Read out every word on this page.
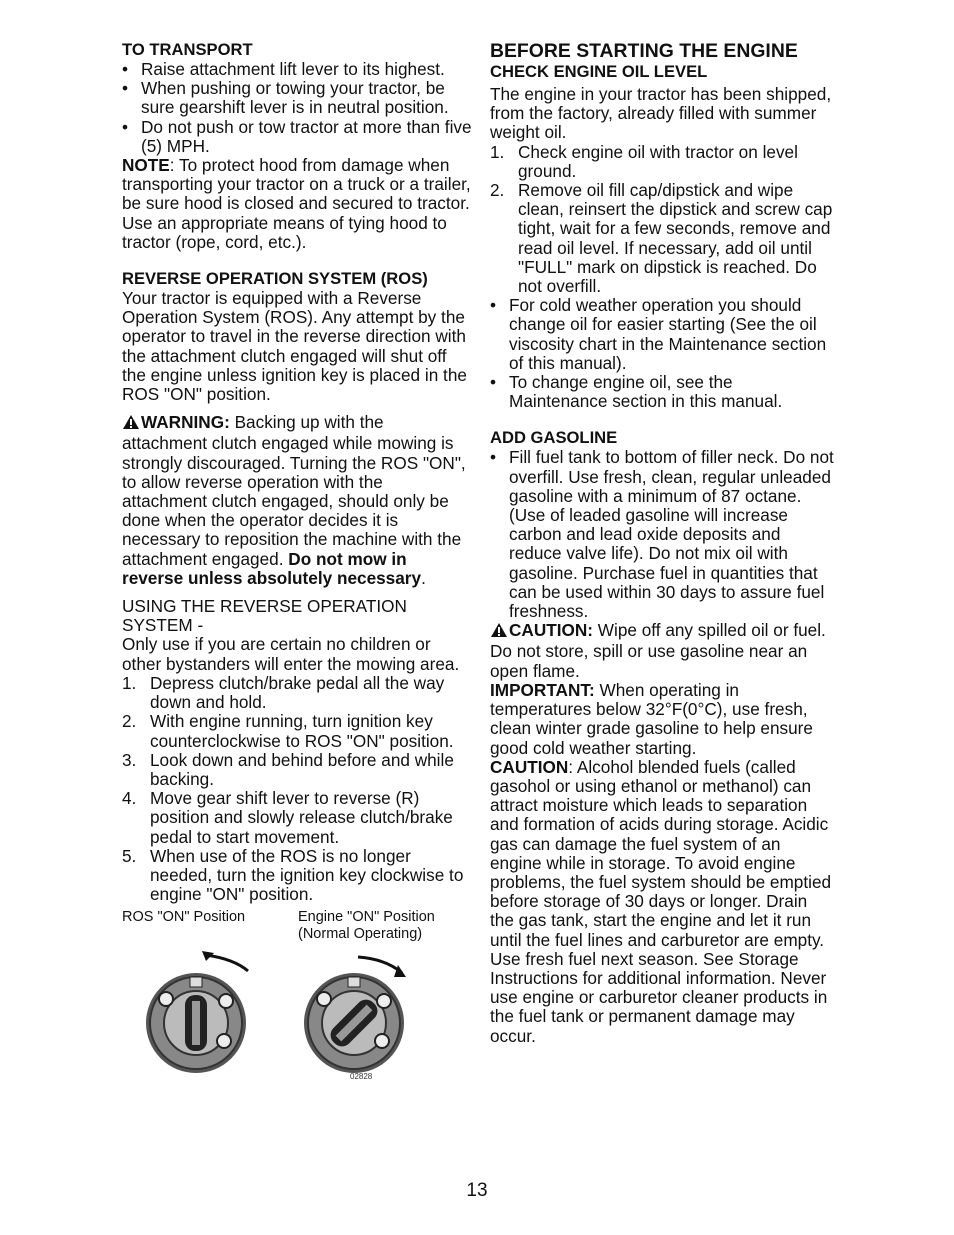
TO TRANSPORT
• Raise attachment lift lever to its highest.
• When pushing or towing your tractor, be sure gearshift lever is in neutral position.
• Do not push or tow tractor at more than five (5) MPH.

NOTE: To protect hood from damage when transporting your tractor on a truck or a trailer, be sure hood is closed and secured to tractor. Use an appropriate means of tying hood to tractor (rope, cord, etc.).

REVERSE OPERATION SYSTEM (ROS)

Your tractor is equipped with a Reverse Operation System (ROS). Any attempt by the operator to travel in the reverse direction with the attachment clutch engaged will shut off the engine unless ignition key is placed in the ROS "ON" position.

WARNING: Backing up with the attachment clutch engaged while mowing is strongly discouraged. Turning the ROS "ON", to allow reverse operation with the attachment clutch engaged, should only be done when the operator decides it is necessary to reposition the machine with the attachment engaged. Do not mow in reverse unless absolutely necessary.

USING THE REVERSE OPERATION SYSTEM -

Only use if you are certain no children or other bystanders will enter the mowing area.

1. Depress clutch/brake pedal all the way down and hold.
2. With engine running, turn ignition key counterclockwise to ROS "ON" position.
3. Look down and behind before and while backing.
4. Move gear shift lever to reverse (R) position and slowly release clutch/brake pedal to start movement.
5. When use of the ROS is no longer needed, turn the ignition key clockwise to engine "ON" position.
ROS "ON" Position	Engine "ON" Position
(Normal Operating)
02828
BEFORE STARTING THE ENGINE
CHECK ENGINE OIL LEVEL

The engine in your tractor has been shipped, from the factory, already filled with summer weight oil.

1. Check engine oil with tractor on level ground.
2. Remove oil fill cap/dipstick and wipe clean, reinsert the dipstick and screw cap tight, wait for a few seconds, remove and read oil level. If necessary, add oil until "FULL" mark on dipstick is reached. Do not overfill.
• For cold weather operation you should change oil for easier starting (See the oil viscosity chart in the Maintenance section of this manual).
• To change engine oil, see the Maintenance section in this manual.
ADD GASOLINE
• Fill fuel tank to bottom of filler neck. Do not overfill. Use fresh, clean, regular unleaded gasoline with a minimum of 87 octane. (Use of leaded gasoline will increase carbon and lead oxide deposits and reduce valve life). Do not mix oil with gasoline. Purchase fuel in quantities that can be used within 30 days to assure fuel freshness.

CAUTION: Wipe off any spilled oil or fuel. Do not store, spill or use gasoline near an open flame.

IMPORTANT: When operating in temperatures below 32°F(0°C), use fresh, clean winter grade gasoline to help ensure good cold weather starting.

CAUTION: Alcohol blended fuels (called gasohol or using ethanol or methanol) can attract moisture which leads to separation and formation of acids during storage. Acidic gas can damage the fuel system of an engine while in storage. To avoid engine problems, the fuel system should be emptied before storage of 30 days or longer. Drain the gas tank, start the engine and let it run until the fuel lines and carburetor are empty. Use fresh fuel next season. See Storage Instructions for additional information. Never use engine or carburetor cleaner products in the fuel tank or permanent damage may occur.

13
